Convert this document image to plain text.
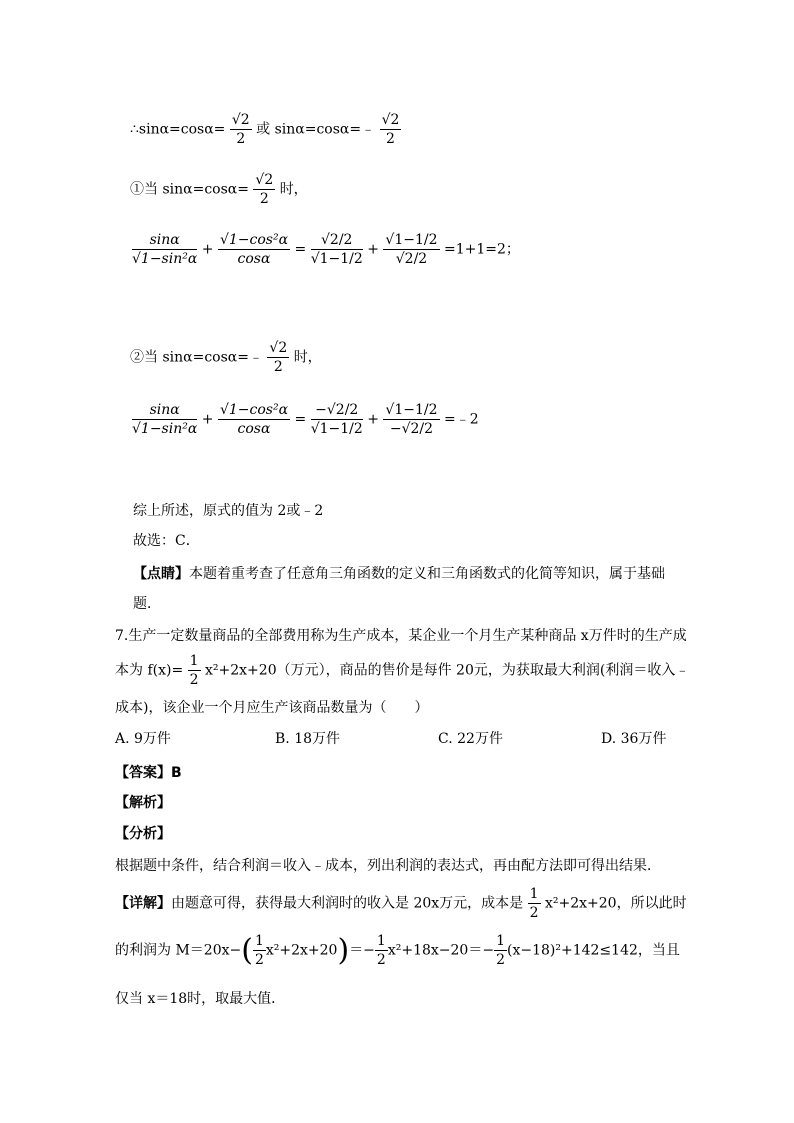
∴sinα=cosα= $\frac{√2}{2}$ 或 sinα=cosα=﹣ $\frac{√2}{2}$
①当 $\sin\alpha=\cos\alpha= \frac{√2}{2}$ 时，
$\frac{\sin\alpha}{\text{√1−sin²α}} + \frac{\text{√1−cos²α}}{\cos\alpha} = \frac{√2/2}{√1-1/2} + \frac{√1-1/2}{√2/2} =1+1=2$；
②当 sinα=cosα=﹣ $\frac{√2}{2}$ 时，
$\frac{\sin\alpha}{\text{√1−sin²α}} + \frac{\text{√1−cos²α}}{\cos\alpha} = \frac{-√2/2}{√1-1/2} + \frac{√1-1/2}{-√2/2}$ =﹣2
综上所述，原式的值为 2或﹣2
故选：C．
【点睛】本题着重考查了任意角三角函数的定义和三角函数式的化简等知识，属于基础
题．
7.生产一定数量商品的全部费用称为生产成本，某企业一个月生产某种商品 x万件时的生产成
本为 $f(x)= \frac{1}{2} x^2+2x+20$（万元），商品的售价是每件 20元，为获取最大利润(利润＝收入﹣
成本)，该企业一个月应生产该商品数量为（　　）
A. 9万件	B. 18万件	C. 22万件	D. 36万件
【答案】B
【解析】
【分析】
根据题中条件，结合利润＝收入﹣成本，列出利润的表达式，再由配方法即可得出结果．
【详解】由题意可得，获得最大利润时的收入是 20x万元，成本是 $\frac{1}{2} x^2+2x+20$，所以此时
的利润为 $M=20x-( \frac{1}{2} x^2+2x+20)=- \frac{1}{2} x^2+18x-20=- \frac{1}{2} (x-18)^2+142\le 142$，当且
仅当 x＝18时，取最大值．
